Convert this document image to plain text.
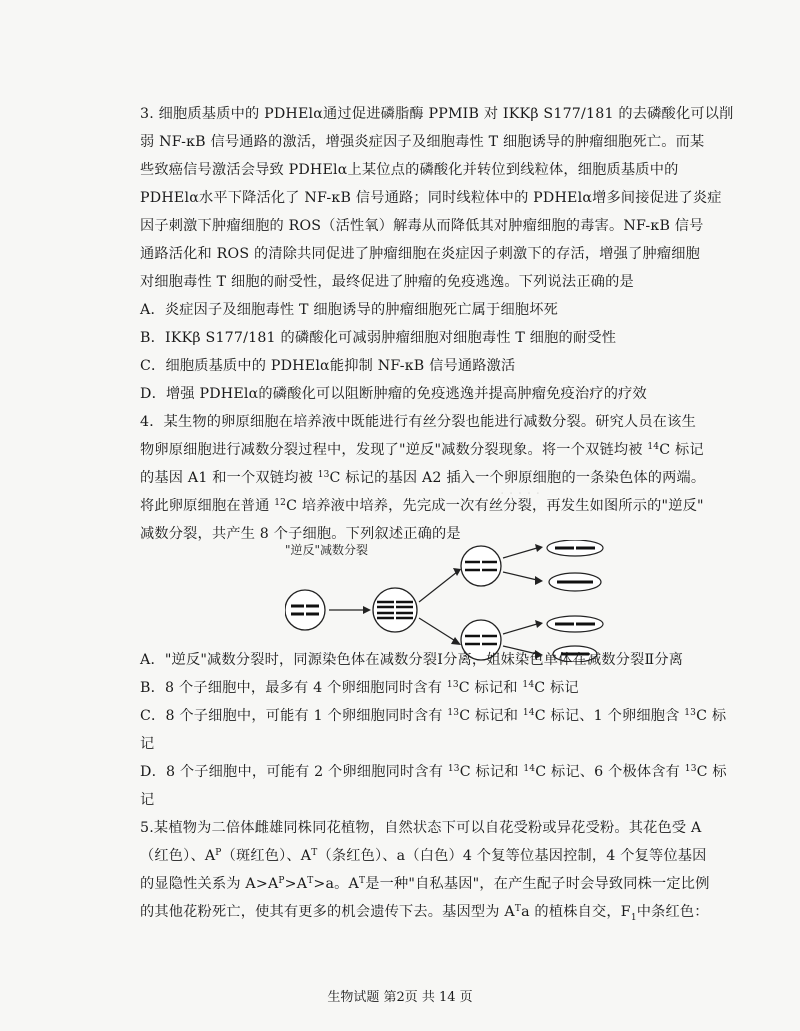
· · · · ·
3. 细胞质基质中的 PDHElα通过促进磷脂酶 PPMIB 对 IKKβ S177/181 的去磷酸化可以削
弱 NF-κB 信号通路的激活，增强炎症因子及细胞毒性 T 细胞诱导的肿瘤细胞死亡。而某
些致癌信号激活会导致 PDHElα上某位点的磷酸化并转位到线粒体，细胞质基质中的
PDHElα水平下降活化了 NF-κB 信号通路；同时线粒体中的 PDHElα增多间接促进了炎症
因子刺激下肿瘤细胞的 ROS（活性氧）解毒从而降低其对肿瘤细胞的毒害。NF-κB 信号
通路活化和 ROS 的清除共同促进了肿瘤细胞在炎症因子刺激下的存活，增强了肿瘤细胞
对细胞毒性 T 细胞的耐受性，最终促进了肿瘤的免疫逃逸。下列说法正确的是
A．炎症因子及细胞毒性 T 细胞诱导的肿瘤细胞死亡属于细胞坏死
B．IKKβ S177/181 的磷酸化可减弱肿瘤细胞对细胞毒性 T 细胞的耐受性
C．细胞质基质中的 PDHElα能抑制 NF-κB 信号通路激活
D．增强 PDHElα的磷酸化可以阻断肿瘤的免疫逃逸并提高肿瘤免疫治疗的疗效
4．某生物的卵原细胞在培养液中既能进行有丝分裂也能进行减数分裂。研究人员在该生
物卵原细胞进行减数分裂过程中，发现了"逆反"减数分裂现象。将一个双链均被 $^{14}$C 标记
的基因 A1 和一个双链均被 $^{13}$C 标记的基因 A2 插入一个卵原细胞的一条染色体的两端。
将此卵原细胞在普通 $^{12}$C 培养液中培养，先完成一次有丝分裂，再发生如图所示的"逆反"
减数分裂，共产生 8 个子细胞。下列叙述正确的是
"逆反"减数分裂
A．"逆反"减数分裂时，同源染色体在减数分裂Ⅰ分离，姐妹染色单体在减数分裂Ⅱ分离
B．8 个子细胞中，最多有 4 个卵细胞同时含有 $^{13}$C 标记和 $^{14}$C 标记
C．8 个子细胞中，可能有 1 个卵细胞同时含有 $^{13}$C 标记和 $^{14}$C 标记、1 个卵细胞含 $^{13}$C 标
记
D．8 个子细胞中，可能有 2 个卵细胞同时含有 $^{13}$C 标记和 $^{14}$C 标记、6 个极体含有 $^{13}$C 标
记
5.某植物为二倍体雌雄同株同花植物，自然状态下可以自花受粉或异花受粉。其花色受 A
（红色）、$A^P$（斑红色）、$A^T$（条红色）、a（白色）4 个复等位基因控制，4 个复等位基因
的显隐性关系为 $A>A^P>A^T>a$。$A^T$是一种"自私基因"，在产生配子时会导致同株一定比例
的其他花粉死亡，使其有更多的机会遗传下去。基因型为 $A^Ta$ 的植株自交，$F_1$中条红色：
生物试题 第2页 共 14 页
